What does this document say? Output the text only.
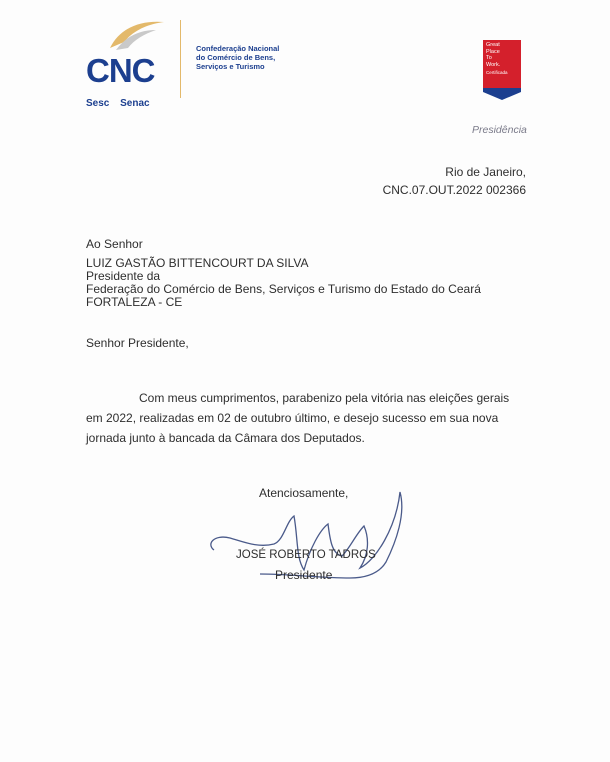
CNC
Sesc Senac
Confederação Nacional
do Comércio de Bens,
Serviços e Turismo
Great
Place
To
Work.
Certificada
Presidência
Rio de Janeiro,
CNC.07.OUT.2022 002366
Ao Senhor
LUIZ GASTÃO BITTENCOURT DA SILVA
Presidente da
Federação do Comércio de Bens, Serviços e Turismo do Estado do Ceará
FORTALEZA - CE
Senhor Presidente,
Com meus cumprimentos, parabenizo pela vitória nas eleições gerais
em 2022, realizadas em 02 de outubro último, e desejo sucesso em sua nova
jornada junto à bancada da Câmara dos Deputados.
Atenciosamente,
JOSÉ ROBERTO TADROS
Presidente
